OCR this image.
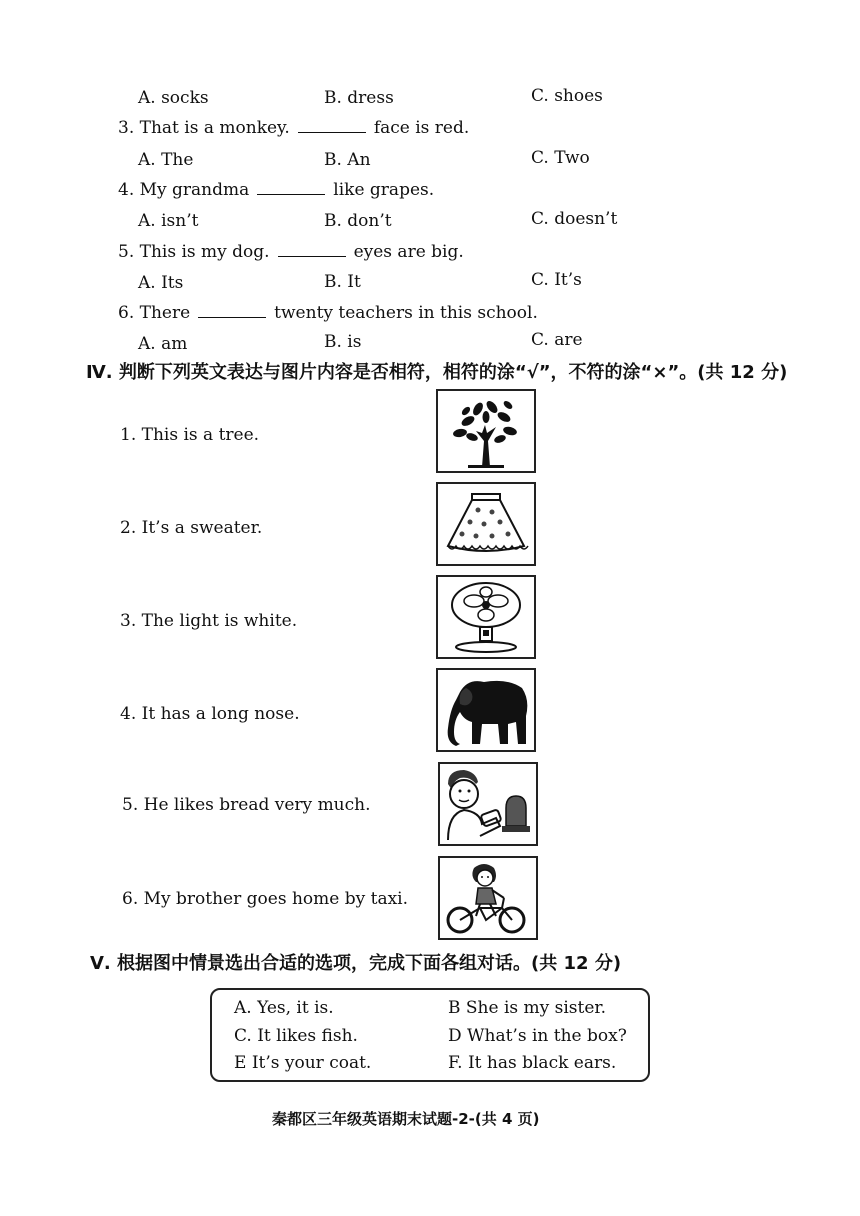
A. socks	B. dress	C. shoes
3. That is a monkey.	face is red.
A. The	B. An	C. Two
4. My grandma	like grapes.
A. isn’t	B. don’t	C. doesn’t
5. This is my dog.	eyes are big.
A. Its	B. It	C. It’s
6. There	twenty teachers in this school.
A. am	B. is	C. are
Ⅳ. 判断下列英文表达与图片内容是否相符，相符的涂“√”，不符的涂“×”。(共 12 分)
1. This is a tree.
2. It’s a sweater.
3. The light is white.
4. It has a long nose.
5. He likes bread very much.
6. My brother goes home by taxi.
Ⅴ. 根据图中情景选出合适的选项，完成下面各组对话。(共 12 分)
A. Yes, it is.	B She is my sister.
C. It likes fish.	D What’s in the box?
E It’s your coat.	F. It has black ears.
秦都区三年级英语期末试题-2-(共 4 页)
